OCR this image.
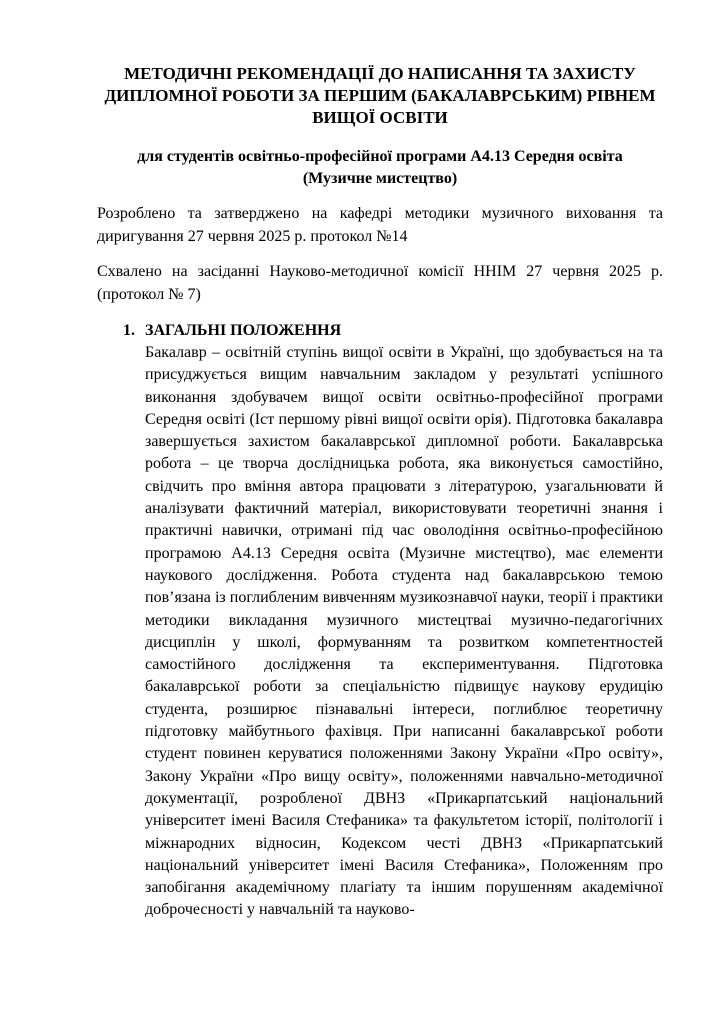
МЕТОДИЧНІ РЕКОМЕНДАЦІЇ ДО НАПИСАННЯ ТА ЗАХИСТУ
ДИПЛОМНОЇ РОБОТИ ЗА ПЕРШИМ (БАКАЛАВРСЬКИМ) РІВНЕМ
ВИЩОЇ ОСВІТИ
для студентів освітньо-професійної програми А4.13 Середня освіта
(Музичне мистецтво)

Розроблено та затверджено на кафедрі методики музичного виховання та диригування 27 червня 2025 р. протокол №14

Схвалено на засіданні Науково-методичної комісії ННІМ 27 червня 2025 р. (протокол № 7)

1. ЗАГАЛЬНІ ПОЛОЖЕННЯ
Бакалавр – освітній ступінь вищої освіти в Україні, що здобувається на та присуджується вищим навчальним закладом у результаті успішного виконання здобувачем вищої освіти освітньо-професійної програми Середня освіті (Іст першому рівні вищої освіти орія). Підготовка бакалавра завершується захистом бакалаврської дипломної роботи. Бакалаврська робота – це творча дослідницька робота, яка виконується самостійно, свідчить про вміння автора працювати з літературою, узагальнювати й аналізувати фактичний матеріал, використовувати теоретичні знання і практичні навички, отримані під час оволодіння освітньо-професійною програмою А4.13 Середня освіта (Музичне мистецтво), має елементи наукового дослідження. Робота студента над бакалаврською темою пов’язана із поглибленим вивченням музикознавчої науки, теорії і практики методики викладання музичного мистецтваі музично-педагогічних дисциплін у школі, формуванням та розвитком компетентностей самостійного дослідження та експериментування. Підготовка бакалаврської роботи за спеціальністю підвищує наукову ерудицію студента, розширює пізнавальні інтереси, поглиблює теоретичну підготовку майбутнього фахівця. При написанні бакалаврської роботи студент повинен керуватися положеннями Закону України «Про освіту», Закону України «Про вищу освіту», положеннями навчально-методичної документації, розробленої ДВНЗ «Прикарпатський національний університет імені Василя Стефаника» та факультетом історії, політології і міжнародних відносин, Кодексом честі ДВНЗ «Прикарпатський національний університет імені Василя Стефаника», Положенням про запобігання академічному плагіату та іншим порушенням академічної доброчесності у навчальній та науково-
